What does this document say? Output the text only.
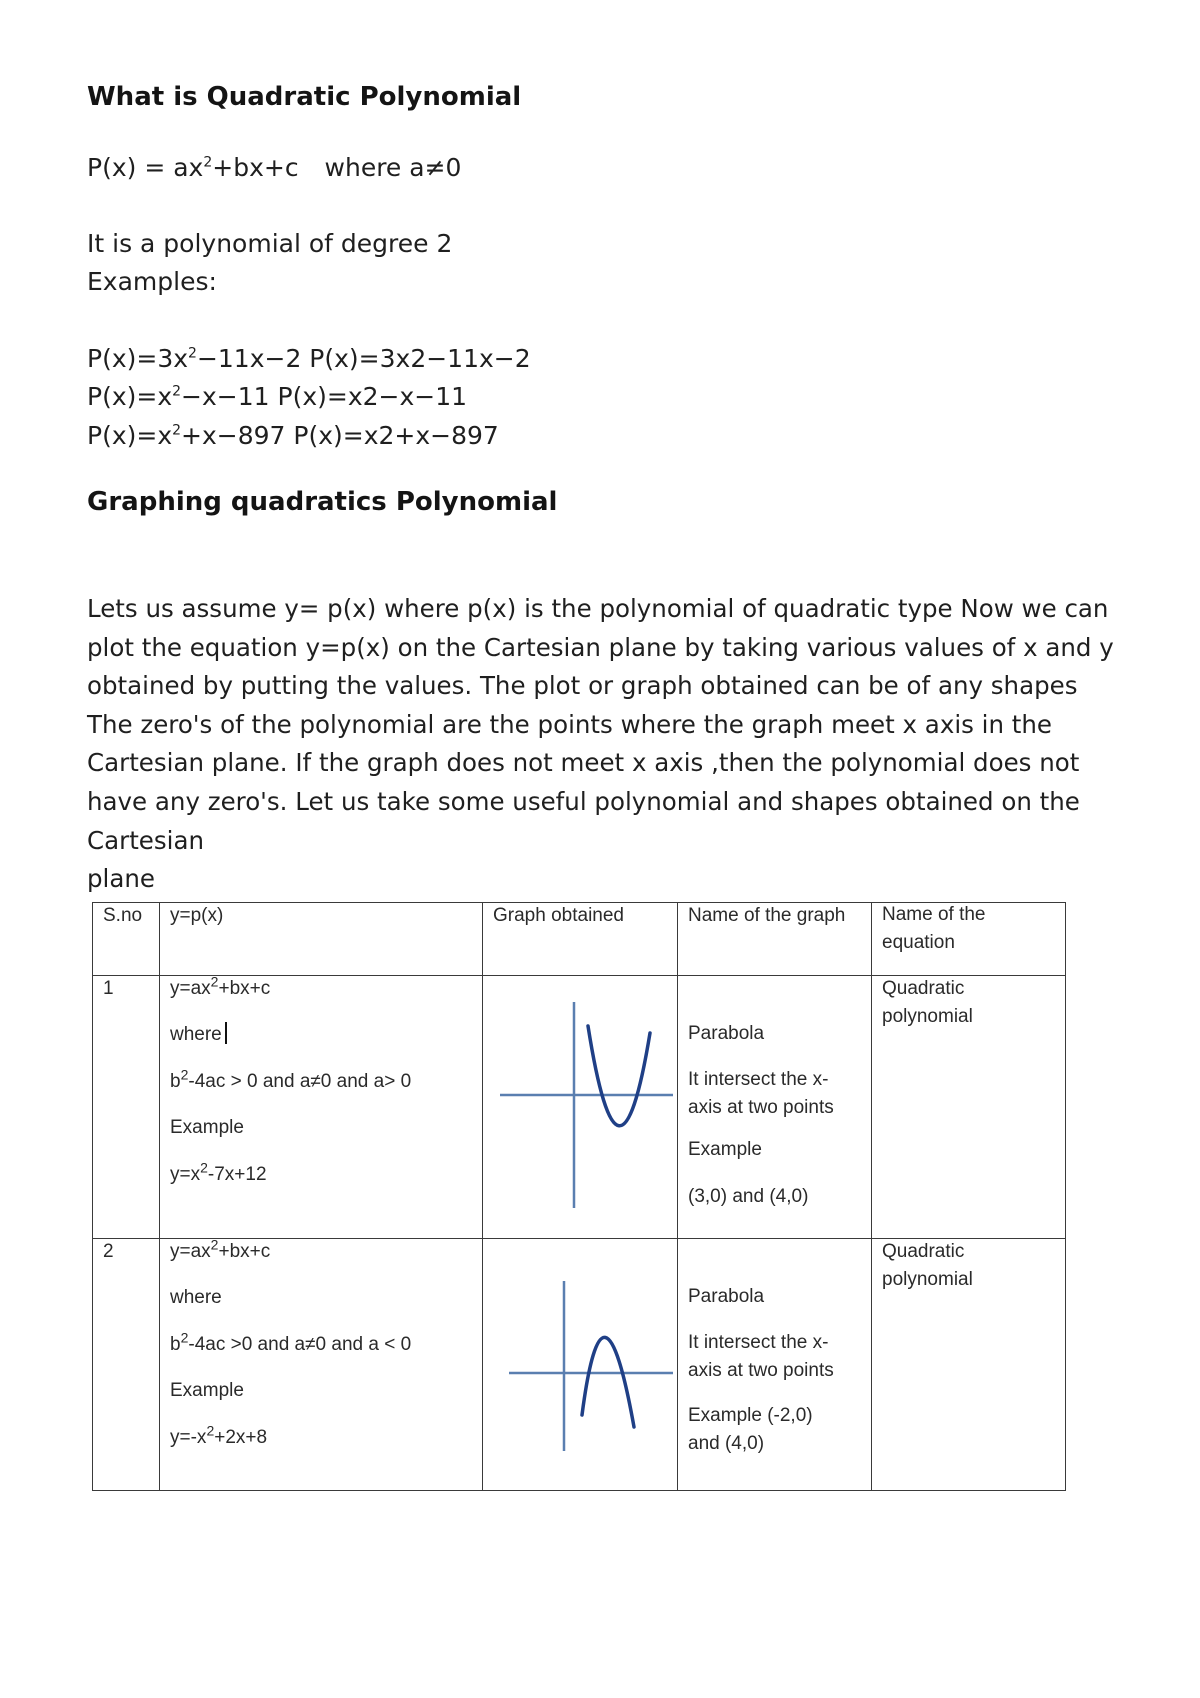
What is Quadratic Polynomial

$P(x) = ax^2+bx+c$ where a≠0

It is a polynomial of degree 2

Examples:

$P(x)=3x^2-11x-2$ P(x)=3x2−11x−2

$P(x)=x^2-x-11$ P(x)=x2−x−11

$P(x)=x^2+x-897$ P(x)=x2+x−897

Graphing quadratics Polynomial

Lets us assume y= p(x) where p(x) is the polynomial of quadratic type Now we can plot the equation y=p(x) on the Cartesian plane by taking various values of x and y obtained by putting the values. The plot or graph obtained can be of any shapes The zero's of the polynomial are the points where the graph meet x axis in the Cartesian plane. If the graph does not meet x axis ,then the polynomial does not have any zero's. Let us take some useful polynomial and shapes obtained on the Cartesian
plane

S.no	y=p(x)	Graph obtained	Name of the graph	Name of the equation

1	$y=ax^2+bx+c$
where
$b^2-4ac > 0$ and a≠0 and a> 0
Example
$y=x^2-7x+12$		Parabola
It intersect the x-axis at two points
Example
(3,0) and (4,0)	Quadratic polynomial

2	$y=ax^2+bx+c$
where
$b^2-4ac >0$ and a≠0 and a < 0
Example
$y=-x^2+2x+8$		Parabola
It intersect the x-axis at two points
Example (-2,0) and (4,0)	Quadratic polynomial
